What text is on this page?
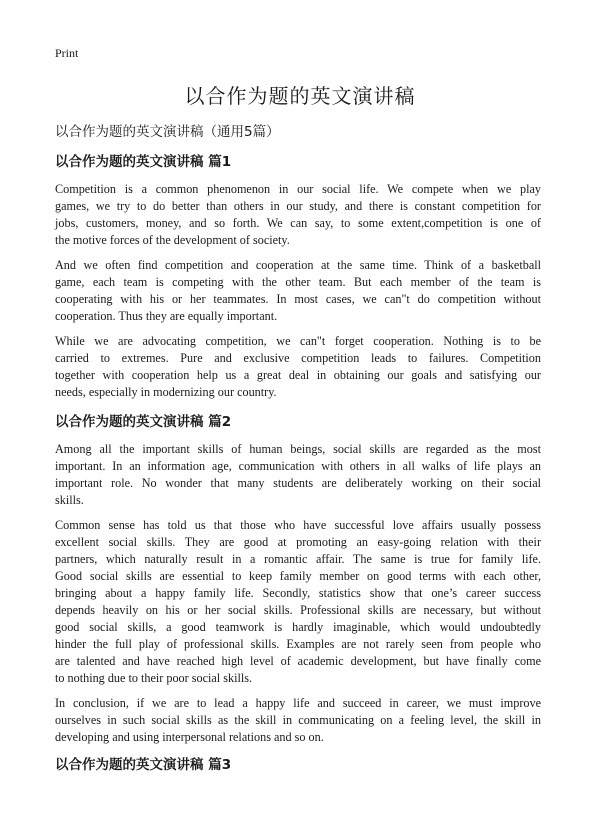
Print
以合作为题的英文演讲稿
以合作为题的英文演讲稿（通用5篇）
以合作为题的英文演讲稿 篇1
Competition is a common phenomenon in our social life. We compete when we play
games, we try to do better than others in our study, and there is constant competition for
jobs, customers, money, and so forth. We can say, to some extent,competition is one of
the motive forces of the development of society.
And we often find competition and cooperation at the same time. Think of a basketball
game, each team is competing with the other team. But each member of the team is
cooperating with his or her teammates. In most cases, we can"t do competition without
cooperation. Thus they are equally important.
While we are advocating competition, we can"t forget cooperation. Nothing is to be
carried to extremes. Pure and exclusive competition leads to failures. Competition
together with cooperation help us a great deal in obtaining our goals and satisfying our
needs, especially in modernizing our country.
以合作为题的英文演讲稿 篇2
Among all the important skills of human beings, social skills are regarded as the most
important. In an information age, communication with others in all walks of life plays an
important role. No wonder that many students are deliberately working on their social
skills.
Common sense has told us that those who have successful love affairs usually possess
excellent social skills. They are good at promoting an easy-going relation with their
partners, which naturally result in a romantic affair. The same is true for family life.
Good social skills are essential to keep family member on good terms with each other,
bringing about a happy family life. Secondly, statistics show that one’s career success
depends heavily on his or her social skills. Professional skills are necessary, but without
good social skills, a good teamwork is hardly imaginable, which would undoubtedly
hinder the full play of professional skills. Examples are not rarely seen from people who
are talented and have reached high level of academic development, but have finally come
to nothing due to their poor social skills.
In conclusion, if we are to lead a happy life and succeed in career, we must improve
ourselves in such social skills as the skill in communicating on a feeling level, the skill in
developing and using interpersonal relations and so on.
以合作为题的英文演讲稿 篇3
